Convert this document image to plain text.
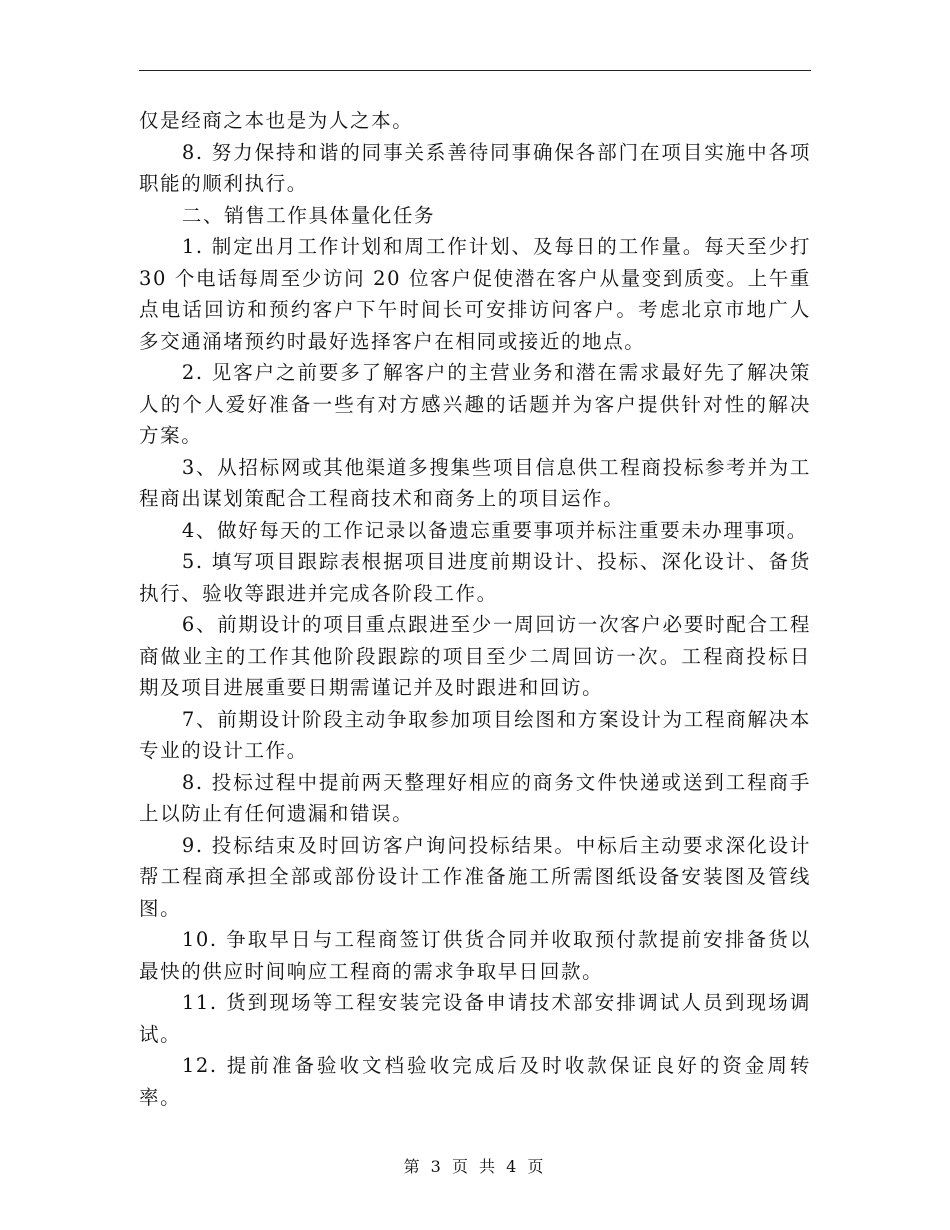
仅是经商之本也是为人之本。

8. 努力保持和谐的同事关系善待同事确保各部门在项目实施中各项职能的顺利执行。

二、销售工作具体量化任务

1. 制定出月工作计划和周工作计划、及每日的工作量。每天至少打 30 个电话每周至少访问 20 位客户促使潜在客户从量变到质变。上午重点电话回访和预约客户下午时间长可安排访问客户。考虑北京市地广人多交通涌堵预约时最好选择客户在相同或接近的地点。

2. 见客户之前要多了解客户的主营业务和潜在需求最好先了解决策人的个人爱好准备一些有对方感兴趣的话题并为客户提供针对性的解决方案。

3、从招标网或其他渠道多搜集些项目信息供工程商投标参考并为工程商出谋划策配合工程商技术和商务上的项目运作。

4、做好每天的工作记录以备遗忘重要事项并标注重要未办理事项。

5. 填写项目跟踪表根据项目进度前期设计、投标、深化设计、备货执行、验收等跟进并完成各阶段工作。

6、前期设计的项目重点跟进至少一周回访一次客户必要时配合工程商做业主的工作其他阶段跟踪的项目至少二周回访一次。工程商投标日期及项目进展重要日期需谨记并及时跟进和回访。

7、前期设计阶段主动争取参加项目绘图和方案设计为工程商解决本专业的设计工作。

8. 投标过程中提前两天整理好相应的商务文件快递或送到工程商手上以防止有任何遗漏和错误。

9. 投标结束及时回访客户询问投标结果。中标后主动要求深化设计帮工程商承担全部或部份设计工作准备施工所需图纸设备安装图及管线图。

10. 争取早日与工程商签订供货合同并收取预付款提前安排备货以最快的供应时间响应工程商的需求争取早日回款。

11. 货到现场等工程安装完设备申请技术部安排调试人员到现场调试。

12. 提前准备验收文档验收完成后及时收款保证良好的资金周转率。

第 3 页 共 4 页
